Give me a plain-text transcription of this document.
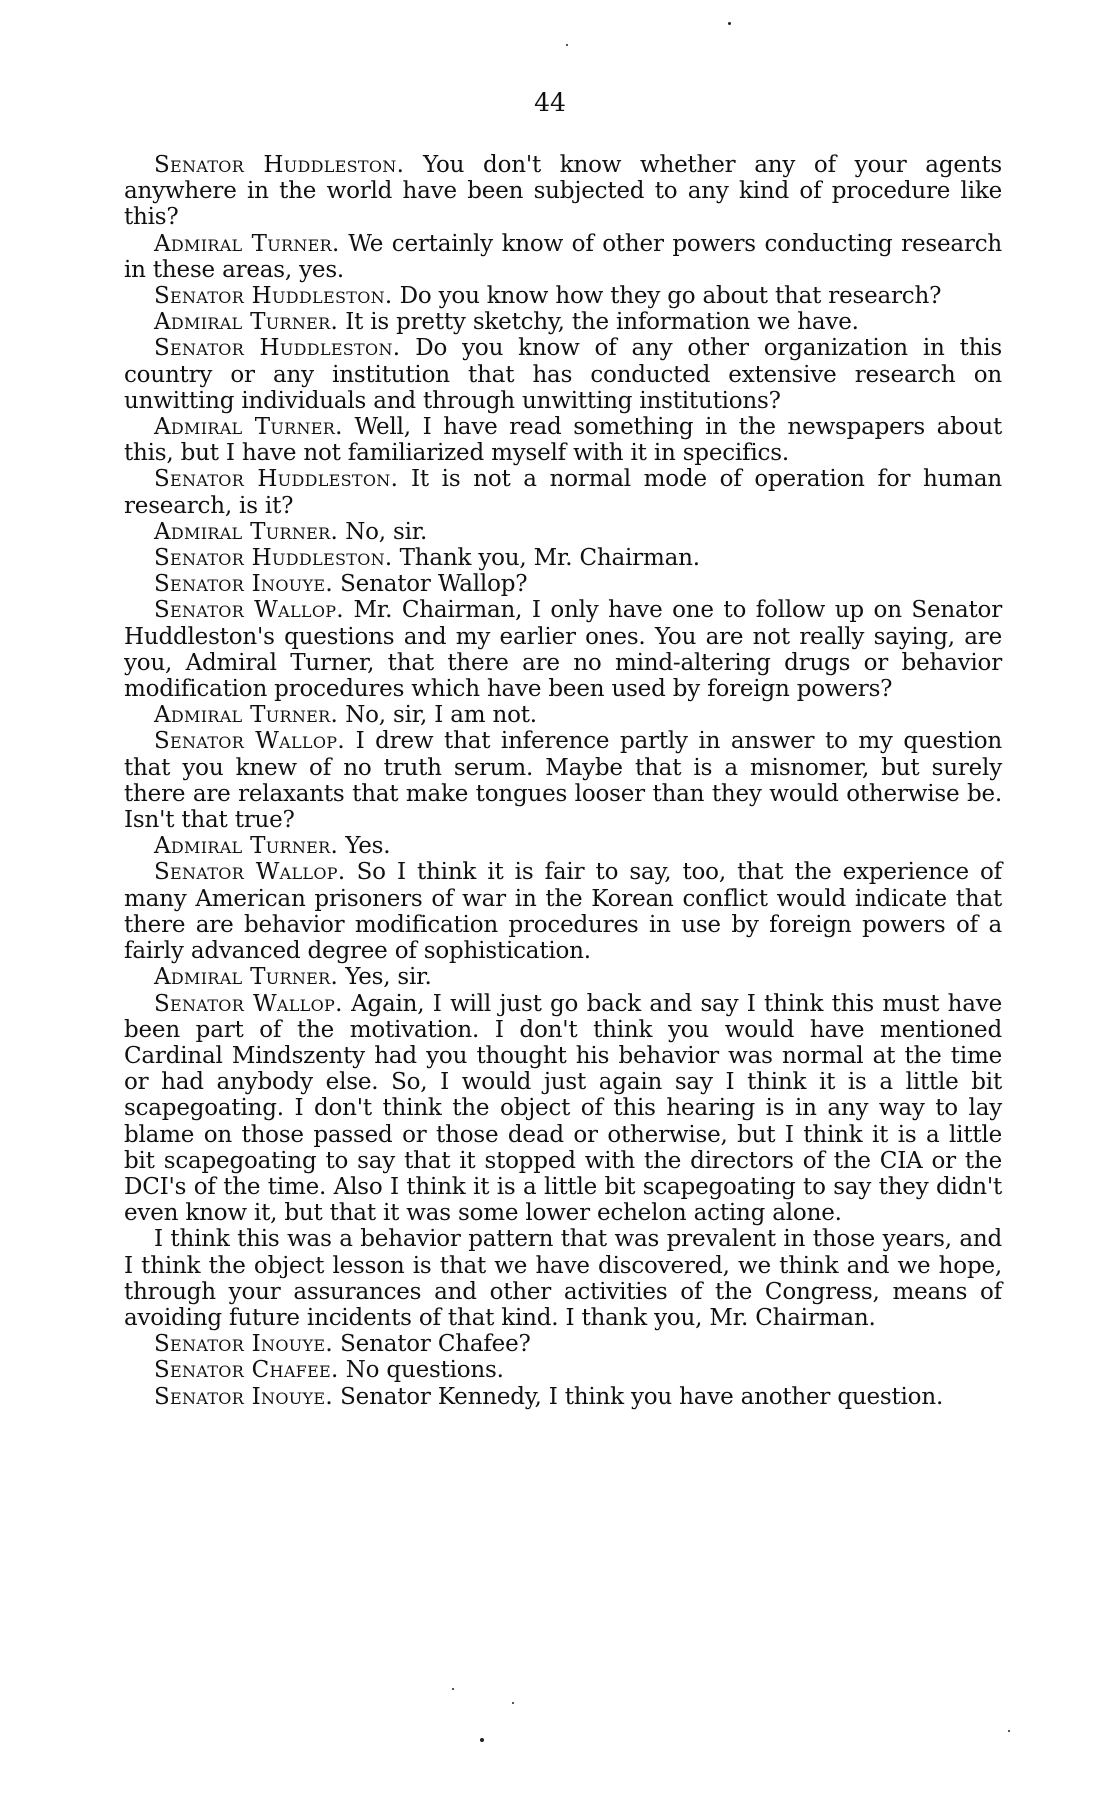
44

Senator Huddleston. You don't know whether any of your agents anywhere in the world have been subjected to any kind of procedure like this?

Admiral Turner. We certainly know of other powers conducting research in these areas, yes.

Senator Huddleston. Do you know how they go about that research?

Admiral Turner. It is pretty sketchy, the information we have.

Senator Huddleston. Do you know of any other organization in this country or any institution that has conducted extensive research on unwitting individuals and through unwitting institutions?

Admiral Turner. Well, I have read something in the newspapers about this, but I have not familiarized myself with it in specifics.

Senator Huddleston. It is not a normal mode of operation for human research, is it?

Admiral Turner. No, sir.

Senator Huddleston. Thank you, Mr. Chairman.

Senator Inouye. Senator Wallop?

Senator Wallop. Mr. Chairman, I only have one to follow up on Senator Huddleston's questions and my earlier ones. You are not really saying, are you, Admiral Turner, that there are no mind-altering drugs or behavior modification procedures which have been used by foreign powers?

Admiral Turner. No, sir, I am not.

Senator Wallop. I drew that inference partly in answer to my question that you knew of no truth serum. Maybe that is a misnomer, but surely there are relaxants that make tongues looser than they would otherwise be. Isn't that true?

Admiral Turner. Yes.

Senator Wallop. So I think it is fair to say, too, that the experience of many American prisoners of war in the Korean conflict would indicate that there are behavior modification procedures in use by foreign powers of a fairly advanced degree of sophistication.

Admiral Turner. Yes, sir.

Senator Wallop. Again, I will just go back and say I think this must have been part of the motivation. I don't think you would have mentioned Cardinal Mindszenty had you thought his behavior was normal at the time or had anybody else. So, I would just again say I think it is a little bit scapegoating. I don't think the object of this hearing is in any way to lay blame on those passed or those dead or otherwise, but I think it is a little bit scapegoating to say that it stopped with the directors of the CIA or the DCI's of the time. Also I think it is a little bit scapegoating to say they didn't even know it, but that it was some lower echelon acting alone.

I think this was a behavior pattern that was prevalent in those years, and I think the object lesson is that we have discovered, we think and we hope, through your assurances and other activities of the Congress, means of avoiding future incidents of that kind. I thank you, Mr. Chairman.

Senator Inouye. Senator Chafee?

Senator Chafee. No questions.

Senator Inouye. Senator Kennedy, I think you have another question.
